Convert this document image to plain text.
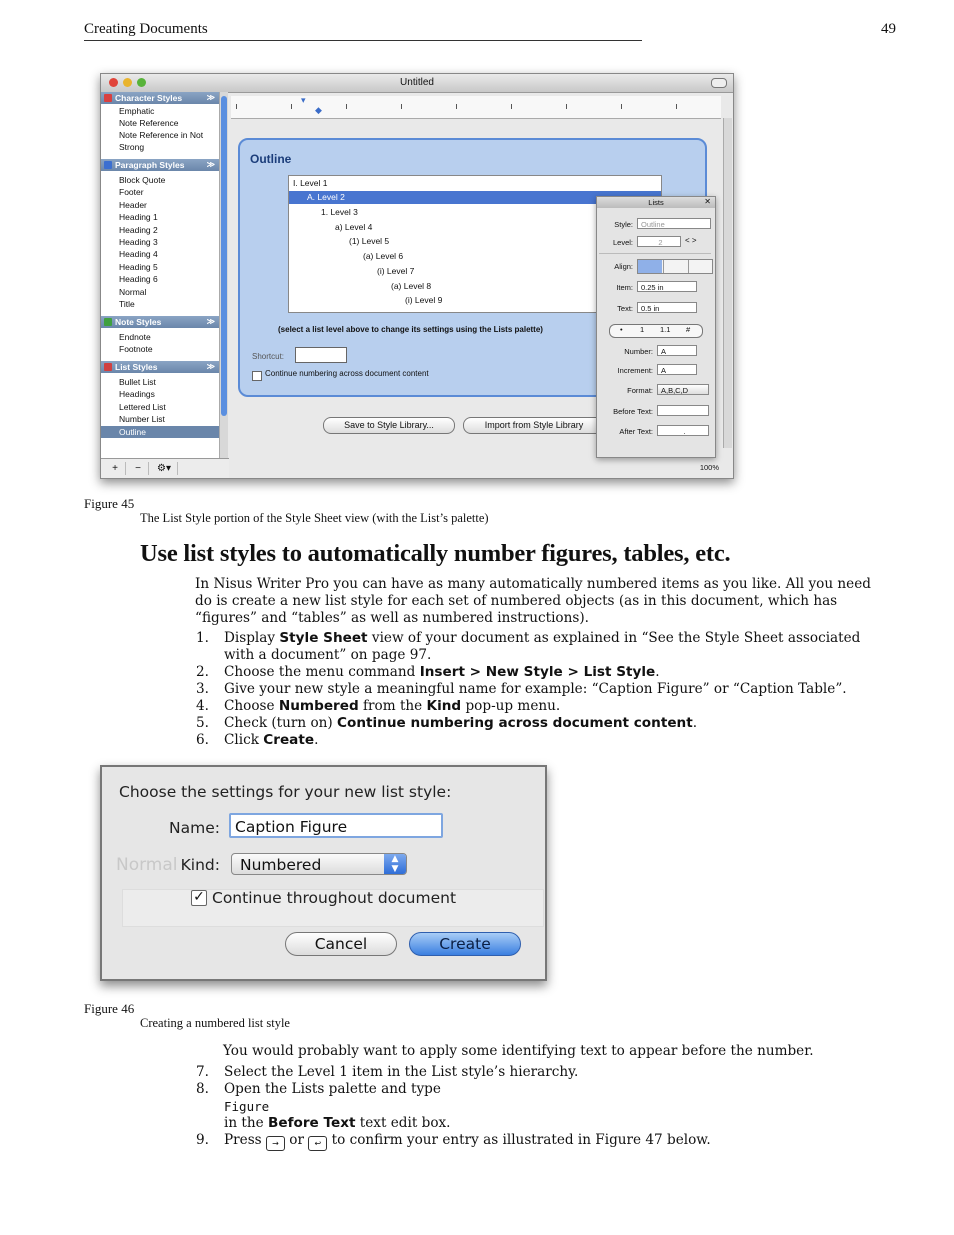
Creating Documents	49
Untitled
Character Styles	≫
Emphatic
Note Reference
Note Reference in Not
Strong
Paragraph Styles	≫
Block Quote
Footer
Header
Heading 1
Heading 2
Heading 3
Heading 4
Heading 5
Heading 6
Normal
Title
Note Styles	≫
Endnote
Footnote
List Styles	≫
Bullet List
Headings
Lettered List
Number List
Outline
+	−	⚙▾
▾
◆
Outline
I. Level 1
A. Level 2
1. Level 3
a) Level 4
(1) Level 5
(a) Level 6
(i) Level 7
(a) Level 8
(i) Level 9
(select a list level above to change its settings using the Lists palette)
Shortcut:
Continue numbering across document content
Save to Style Library...	Import from Style Library
Lists	✕
Style:	Outline
Level:	2	< >
Align:
Item:	0.25 in
Text:	0.5 in
• 1 1.1 #
Number:	A
Increment:	A
Format:	A,B,C,D
Before Text:
After Text:	.
100%
Figure 45
The List Style portion of the Style Sheet view (with the List’s palette)
Use list styles to automatically number figures, tables, etc.
In Nisus Writer Pro you can have as many automatically numbered items as you like. All you need do is create a new list style for each set of numbered objects (as in this document, which has “figures” and “tables” as well as numbered instructions).
1. Display Style Sheet view of your document as explained in “See the Style Sheet associated with a document” on page 97.
2. Choose the menu command Insert > New Style > List Style.
3. Give your new style a meaningful name for example: “Caption Figure” or “Caption Table”.
4. Choose Numbered from the Kind pop-up menu.
5. Check (turn on) Continue numbering across document content.
6. Click Create.
Normal
Choose the settings for your new list style:
Name: Caption Figure
Kind:	Numbered	▲
▼
✓ Continue throughout document
Cancel	Create
Figure 46
Creating a numbered list style
You would probably want to apply some identifying text to appear before the number.
7. Select the Level 1 item in the List style’s hierarchy.
8. Open the Lists palette and type
Figure
in the Before Text text edit box.
9. Press → or ↩ to confirm your entry as illustrated in Figure 47 below.
